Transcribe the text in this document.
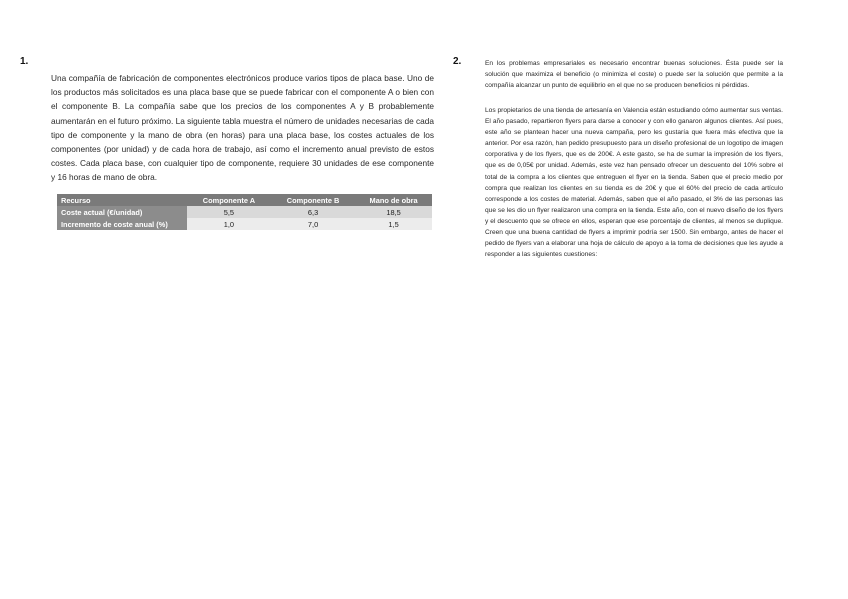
1.
Una compañía de fabricación de componentes electrónicos produce varios tipos de placa base. Uno de los productos más solicitados es una placa base que se puede fabricar con el componente A o bien con el componente B. La compañía sabe que los precios de los componentes A y B probablemente aumentarán en el futuro próximo. La siguiente tabla muestra el número de unidades necesarias de cada tipo de componente y la mano de obra (en horas) para una placa base, los costes actuales de los componentes (por unidad) y de cada hora de trabajo, así como el incremento anual previsto de estos costes. Cada placa base, con cualquier tipo de componente, requiere 30 unidades de ese componente y 16 horas de mano de obra.
Recurso	Componente A	Componente B	Mano de obra
Coste actual (€/unidad)	5,5	6,3	18,5
Incremento de coste anual (%)	1,0	7,0	1,5
2.	En los problemas empresariales es necesario encontrar buenas soluciones. Ésta puede ser la solución que maximiza el beneficio (o minimiza el coste) o puede ser la solución que permite a la compañía alcanzar un punto de equilibrio en el que no se producen beneficios ni pérdidas.
Los propietarios de una tienda de artesanía en Valencia están estudiando cómo aumentar sus ventas. El año pasado, repartieron flyers para darse a conocer y con ello ganaron algunos clientes. Así pues, este año se plantean hacer una nueva campaña, pero les gustaría que fuera más efectiva que la anterior. Por esa razón, han pedido presupuesto para un diseño profesional de un logotipo de imagen corporativa y de los flyers, que es de 200€. A este gasto, se ha de sumar la impresión de los flyers, que es de 0,05€ por unidad. Además, este vez han pensado ofrecer un descuento del 10% sobre el total de la compra a los clientes que entreguen el flyer en la tienda. Saben que el precio medio por compra que realizan los clientes en su tienda es de 20€ y que el 60% del precio de cada artículo corresponde a los costes de material. Además, saben que el año pasado, el 3% de las personas las que se les dio un flyer realizaron una compra en la tienda. Este año, con el nuevo diseño de los flyers y el descuento que se ofrece en ellos, esperan que ese porcentaje de clientes, al menos se duplique. Creen que una buena cantidad de flyers a imprimir podría ser 1500. Sin embargo, antes de hacer el pedido de flyers van a elaborar una hoja de cálculo de apoyo a la toma de decisiones que les ayude a responder a las siguientes cuestiones:
